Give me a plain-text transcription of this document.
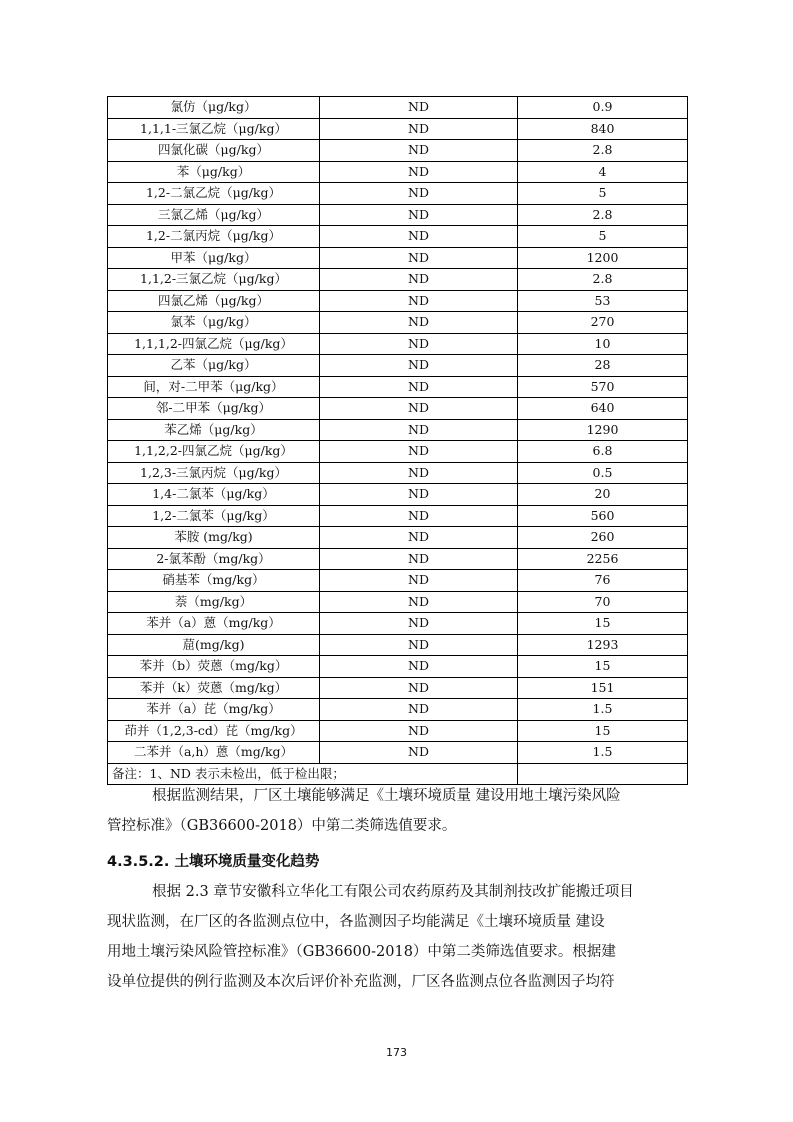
氯仿（μg/kg）	ND	0.9
1,1,1-三氯乙烷（μg/kg）	ND	840
四氯化碳（μg/kg）	ND	2.8
苯（μg/kg）	ND	4
1,2-二氯乙烷（μg/kg）	ND	5
三氯乙烯（μg/kg）	ND	2.8
1,2-二氯丙烷（μg/kg）	ND	5
甲苯（μg/kg）	ND	1200
1,1,2-三氯乙烷（μg/kg）	ND	2.8
四氯乙烯（μg/kg）	ND	53
氯苯（μg/kg）	ND	270
1,1,1,2-四氯乙烷（μg/kg）	ND	10
乙苯（μg/kg）	ND	28
间，对-二甲苯（μg/kg）	ND	570
邻-二甲苯（μg/kg）	ND	640
苯乙烯（μg/kg）	ND	1290
1,1,2,2-四氯乙烷（μg/kg）	ND	6.8
1,2,3-三氯丙烷（μg/kg）	ND	0.5
1,4-二氯苯（μg/kg）	ND	20
1,2-二氯苯（μg/kg）	ND	560
苯胺 (mg/kg)	ND	260
2-氯苯酚（mg/kg）	ND	2256
硝基苯（mg/kg）	ND	76
萘（mg/kg）	ND	70
苯并（a）蒽（mg/kg）	ND	15
䓛(mg/kg)	ND	1293
苯并（b）荧蒽（mg/kg）	ND	15
苯并（k）荧蒽（mg/kg）	ND	151
苯并（a）芘（mg/kg）	ND	1.5
茚并（1,2,3-cd）芘（mg/kg）	ND	15
二苯并（a,h）蒽（mg/kg）	ND	1.5
备注：1、ND 表示未检出，低于检出限；		

根据监测结果，厂区土壤能够满足《土壤环境质量 建设用地土壤污染风险
管控标准》（GB36600-2018）中第二类筛选值要求。

4.3.5.2. 土壤环境质量变化趋势

根据 2.3 章节安徽科立华化工有限公司农药原药及其制剂技改扩能搬迁项目
现状监测，在厂区的各监测点位中，各监测因子均能满足《土壤环境质量 建设
用地土壤污染风险管控标准》（GB36600-2018）中第二类筛选值要求。根据建
设单位提供的例行监测及本次后评价补充监测，厂区各监测点位各监测因子均符

173
